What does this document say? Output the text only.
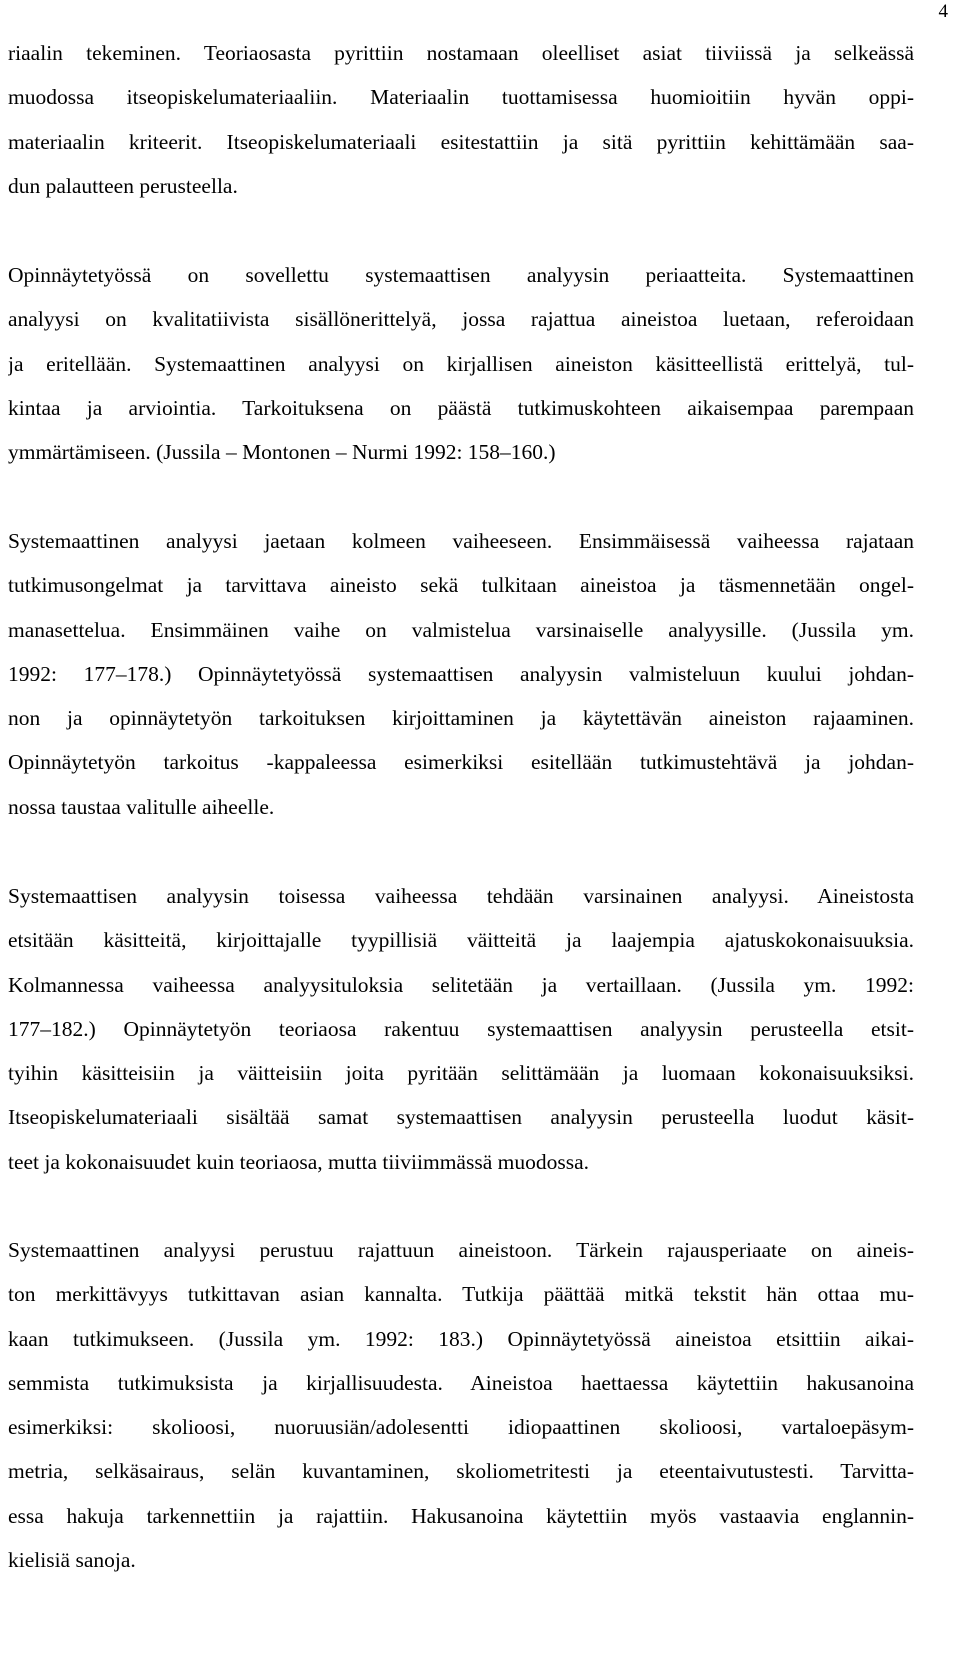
4
riaalin tekeminen. Teoriaosasta pyrittiin nostamaan oleelliset asiat tiiviissä ja selkeässä
muodossa itseopiskelumateriaaliin. Materiaalin tuottamisessa huomioitiin hyvän oppi-
materiaalin kriteerit. Itseopiskelumateriaali esitestattiin ja sitä pyrittiin kehittämään saa-
dun palautteen perusteella.
Opinnäytetyössä on sovellettu systemaattisen analyysin periaatteita. Systemaattinen
analyysi on kvalitatiivista sisällönerittelyä, jossa rajattua aineistoa luetaan, referoidaan
ja eritellään. Systemaattinen analyysi on kirjallisen aineiston käsitteellistä erittelyä, tul-
kintaa ja arviointia. Tarkoituksena on päästä tutkimuskohteen aikaisempaa parempaan
ymmärtämiseen. (Jussila – Montonen – Nurmi 1992: 158–160.)
Systemaattinen analyysi jaetaan kolmeen vaiheeseen. Ensimmäisessä vaiheessa rajataan
tutkimusongelmat ja tarvittava aineisto sekä tulkitaan aineistoa ja täsmennetään ongel-
manasettelua. Ensimmäinen vaihe on valmistelua varsinaiselle analyysille. (Jussila ym.
1992: 177–178.) Opinnäytetyössä systemaattisen analyysin valmisteluun kuului johdan-
non ja opinnäytetyön tarkoituksen kirjoittaminen ja käytettävän aineiston rajaaminen.
Opinnäytetyön tarkoitus -kappaleessa esimerkiksi esitellään tutkimustehtävä ja johdan-
nossa taustaa valitulle aiheelle.
Systemaattisen analyysin toisessa vaiheessa tehdään varsinainen analyysi. Aineistosta
etsitään käsitteitä, kirjoittajalle tyypillisiä väitteitä ja laajempia ajatuskokonaisuuksia.
Kolmannessa vaiheessa analyysituloksia selitetään ja vertaillaan. (Jussila ym. 1992:
177–182.) Opinnäytetyön teoriaosa rakentuu systemaattisen analyysin perusteella etsit-
tyihin käsitteisiin ja väitteisiin joita pyritään selittämään ja luomaan kokonaisuuksiksi.
Itseopiskelumateriaali sisältää samat systemaattisen analyysin perusteella luodut käsit-
teet ja kokonaisuudet kuin teoriaosa, mutta tiiviimmässä muodossa.
Systemaattinen analyysi perustuu rajattuun aineistoon. Tärkein rajausperiaate on aineis-
ton merkittävyys tutkittavan asian kannalta. Tutkija päättää mitkä tekstit hän ottaa mu-
kaan tutkimukseen. (Jussila ym. 1992: 183.) Opinnäytetyössä aineistoa etsittiin aikai-
semmista tutkimuksista ja kirjallisuudesta. Aineistoa haettaessa käytettiin hakusanoina
esimerkiksi: skolioosi, nuoruusiän/adolesentti idiopaattinen skolioosi, vartaloepäsym-
metria, selkäsairaus, selän kuvantaminen, skoliometritesti ja eteentaivutustesti. Tarvitta-
essa hakuja tarkennettiin ja rajattiin. Hakusanoina käytettiin myös vastaavia englannin-
kielisiä sanoja.
